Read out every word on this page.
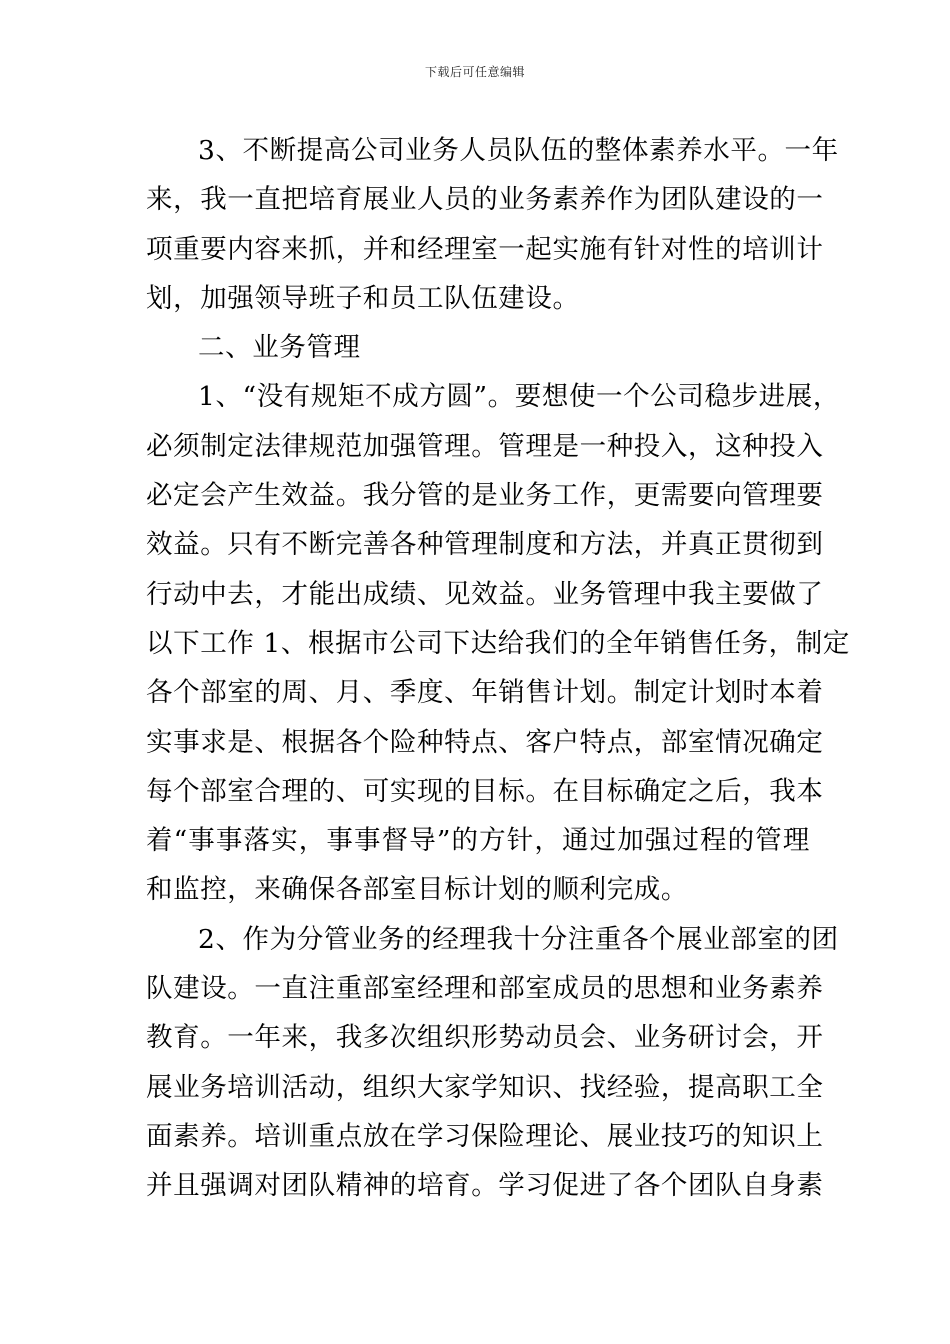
下载后可任意编辑
3、不断提高公司业务人员队伍的整体素养水平。一年
来，我一直把培育展业人员的业务素养作为团队建设的一
项重要内容来抓，并和经理室一起实施有针对性的培训计
划，加强领导班子和员工队伍建设。
二、业务管理
1、“没有规矩不成方圆”。要想使一个公司稳步进展，
必须制定法律规范加强管理。管理是一种投入，这种投入
必定会产生效益。我分管的是业务工作，更需要向管理要
效益。只有不断完善各种管理制度和方法，并真正贯彻到
行动中去，才能出成绩、见效益。业务管理中我主要做了
以下工作 1、根据市公司下达给我们的全年销售任务，制定
各个部室的周、月、季度、年销售计划。制定计划时本着
实事求是、根据各个险种特点、客户特点，部室情况确定
每个部室合理的、可实现的目标。在目标确定之后，我本
着“事事落实，事事督导”的方针，通过加强过程的管理
和监控，来确保各部室目标计划的顺利完成。
2、作为分管业务的经理我十分注重各个展业部室的团
队建设。一直注重部室经理和部室成员的思想和业务素养
教育。一年来，我多次组织形势动员会、业务研讨会，开
展业务培训活动，组织大家学知识、找经验，提高职工全
面素养。培训重点放在学习保险理论、展业技巧的知识上
并且强调对团队精神的培育。学习促进了各个团队自身素
